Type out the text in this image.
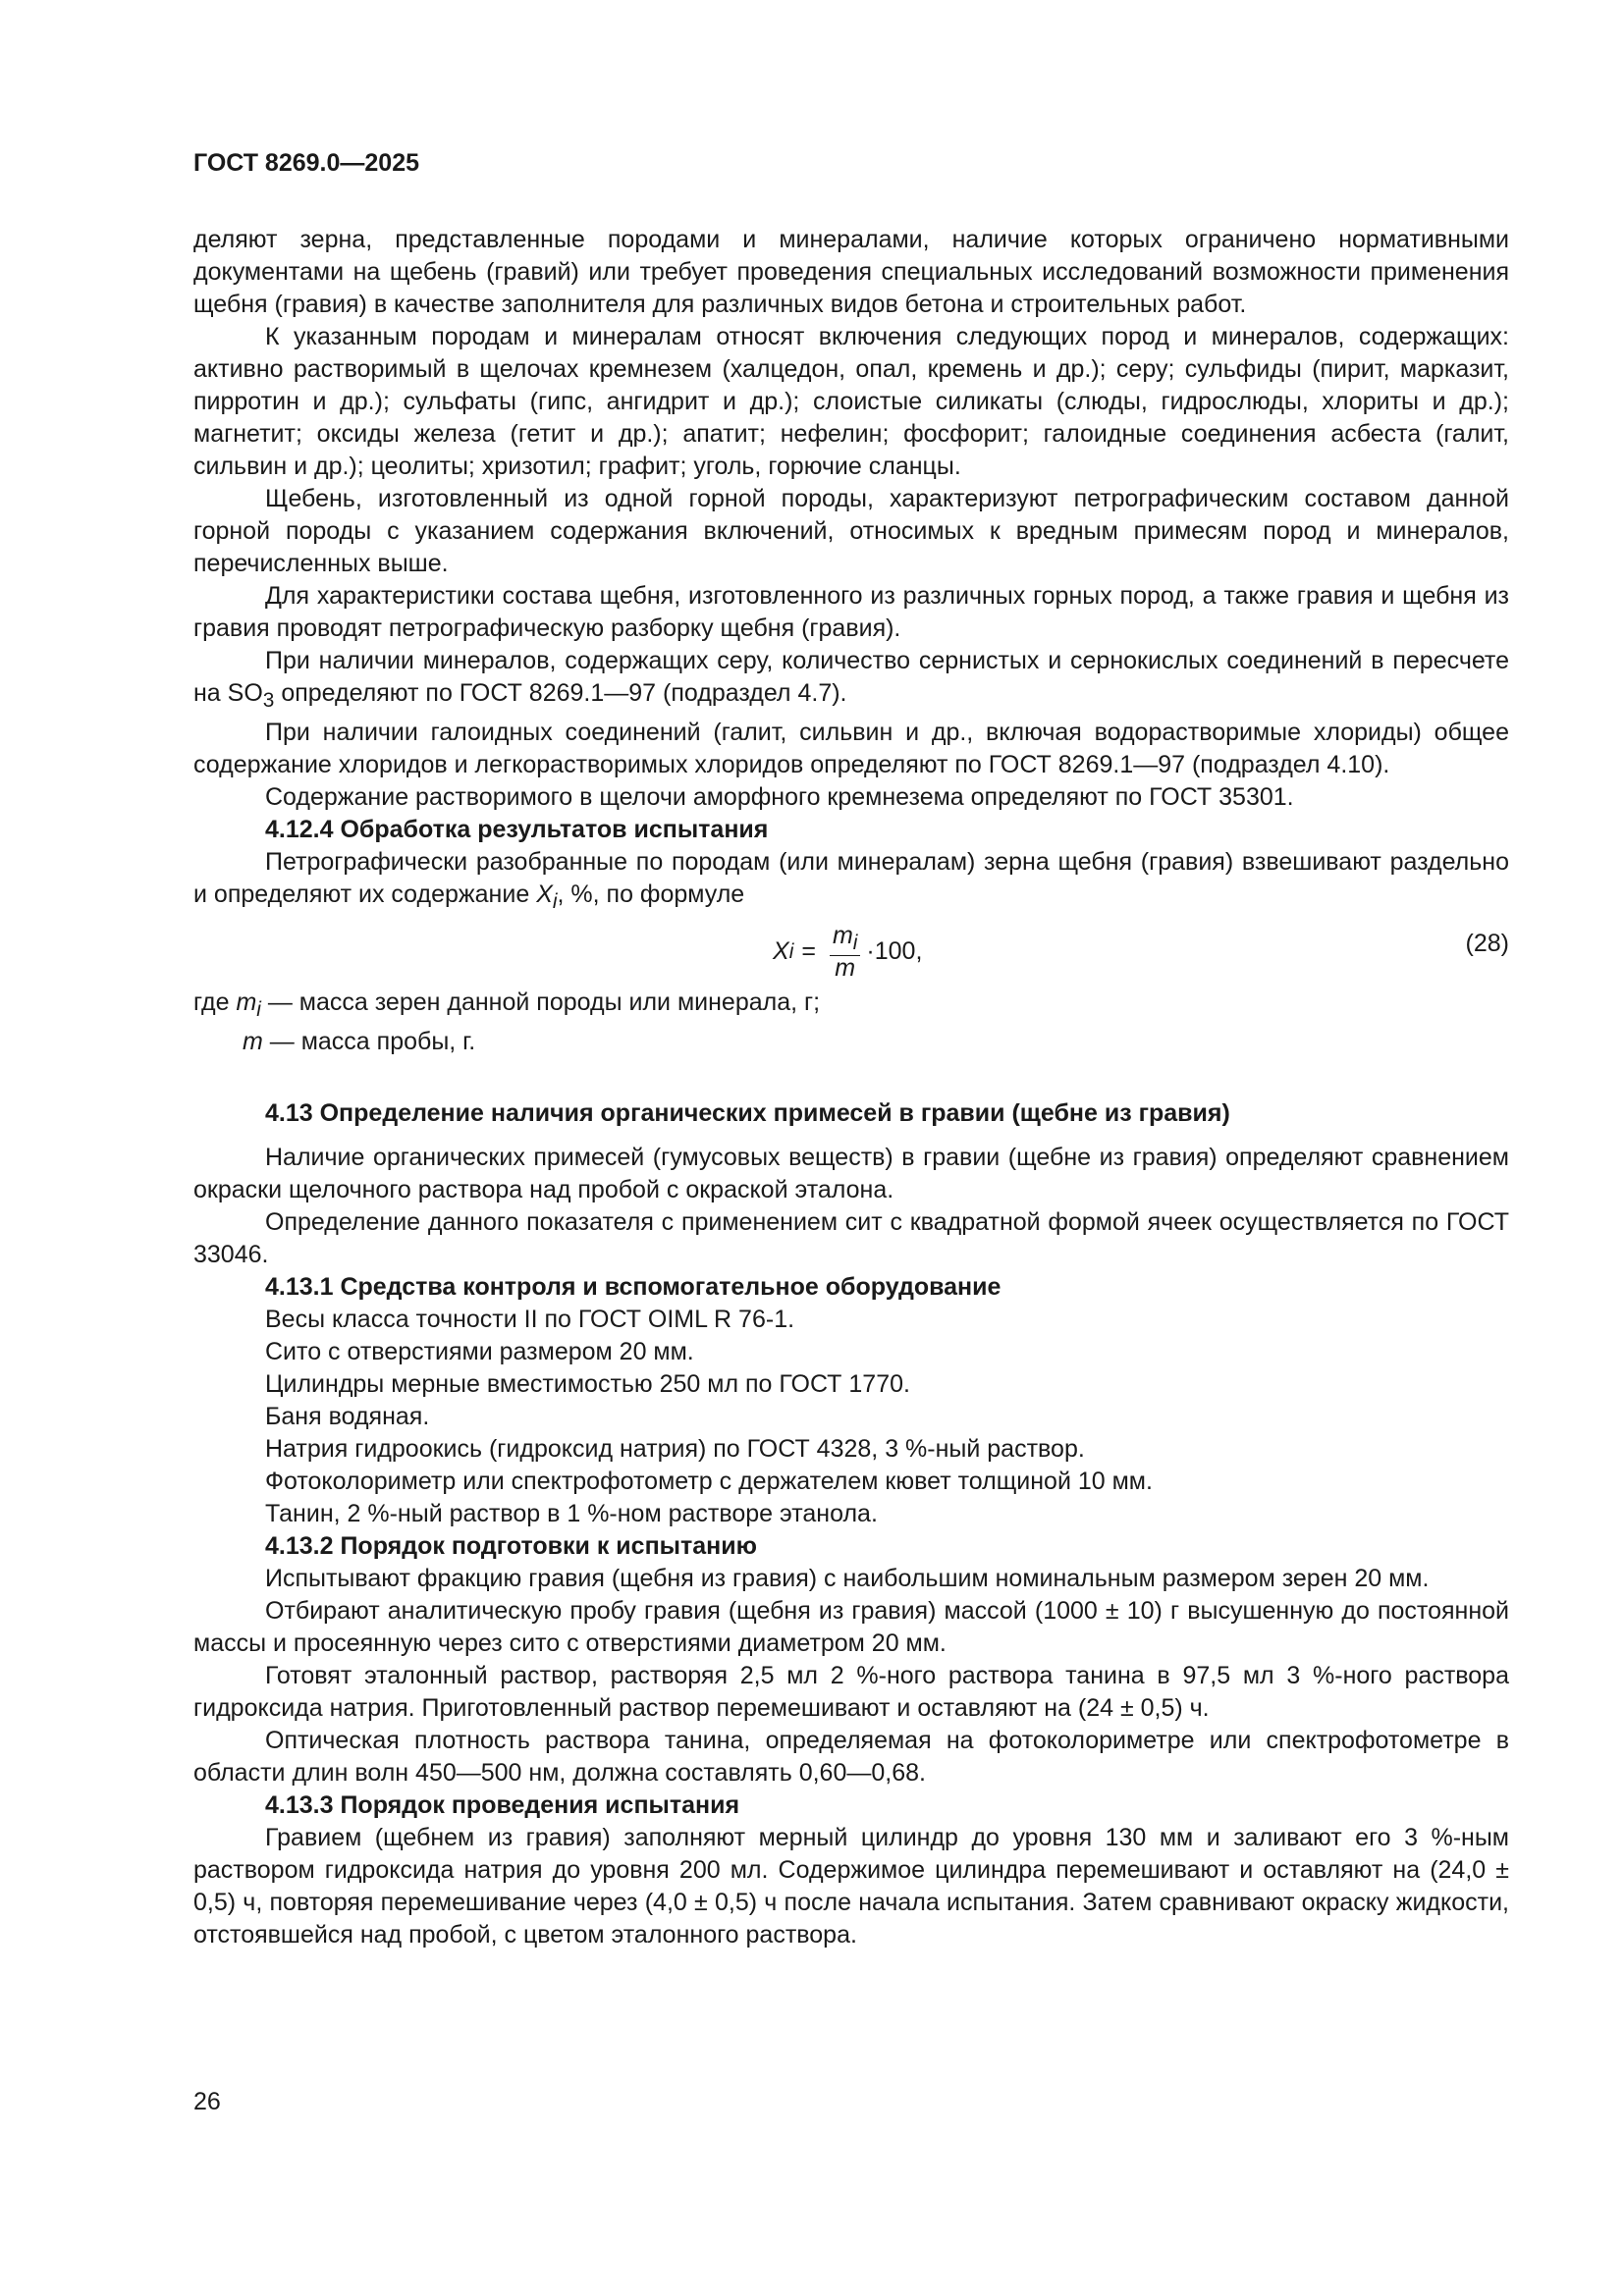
ГОСТ 8269.0—2025

деляют зерна, представленные породами и минералами, наличие которых ограничено нормативными документами на щебень (гравий) или требует проведения специальных исследований возможности применения щебня (гравия) в качестве заполнителя для различных видов бетона и строительных работ.

К указанным породам и минералам относят включения следующих пород и минералов, содержащих: активно растворимый в щелочах кремнезем (халцедон, опал, кремень и др.); серу; сульфиды (пирит, марказит, пирротин и др.); сульфаты (гипс, ангидрит и др.); слоистые силикаты (слюды, гидрослюды, хлориты и др.); магнетит; оксиды железа (гетит и др.); апатит; нефелин; фосфорит; галоидные соединения асбеста (галит, сильвин и др.); цеолиты; хризотил; графит; уголь, горючие сланцы.

Щебень, изготовленный из одной горной породы, характеризуют петрографическим составом данной горной породы с указанием содержания включений, относимых к вредным примесям пород и минералов, перечисленных выше.

Для характеристики состава щебня, изготовленного из различных горных пород, а также гравия и щебня из гравия проводят петрографическую разборку щебня (гравия).

При наличии минералов, содержащих серу, количество сернистых и сернокислых соединений в пересчете на $SO_3$ определяют по ГОСТ 8269.1—97 (подраздел 4.7).

При наличии галоидных соединений (галит, сильвин и др., включая водорастворимые хлориды) общее содержание хлоридов и легкорастворимых хлоридов определяют по ГОСТ 8269.1—97 (подраздел 4.10).

Содержание растворимого в щелочи аморфного кремнезема определяют по ГОСТ 35301.

4.12.4 Обработка результатов испытания

Петрографически разобранные по породам (или минералам) зерна щебня (гравия) взвешивают раздельно и определяют их содержание $X_i$, %, по формуле

X $i = \frac{m_i}{m} \cdot 100$,	(28)

где $m_i$ — масса зерен данной породы или минерала, г;

m — масса пробы, г.

4.13 Определение наличия органических примесей в гравии (щебне из гравия)

Наличие органических примесей (гумусовых веществ) в гравии (щебне из гравия) определяют сравнением окраски щелочного раствора над пробой с окраской эталона.

Определение данного показателя с применением сит с квадратной формой ячеек осуществляется по ГОСТ 33046.

4.13.1 Средства контроля и вспомогательное оборудование

Весы класса точности II по ГОСТ OIML R 76-1.

Сито с отверстиями размером 20 мм.

Цилиндры мерные вместимостью 250 мл по ГОСТ 1770.

Баня водяная.

Натрия гидроокись (гидроксид натрия) по ГОСТ 4328, 3 %-ный раствор.

Фотоколориметр или спектрофотометр с держателем кювет толщиной 10 мм.

Танин, 2 %-ный раствор в 1 %-ном растворе этанола.

4.13.2 Порядок подготовки к испытанию

Испытывают фракцию гравия (щебня из гравия) с наибольшим номинальным размером зерен 20 мм.

Отбирают аналитическую пробу гравия (щебня из гравия) массой (1000 ± 10) г высушенную до постоянной массы и просеянную через сито с отверстиями диаметром 20 мм.

Готовят эталонный раствор, растворяя 2,5 мл 2 %-ного раствора танина в 97,5 мл 3 %-ного раствора гидроксида натрия. Приготовленный раствор перемешивают и оставляют на (24 ± 0,5) ч.

Оптическая плотность раствора танина, определяемая на фотоколориметре или спектрофотометре в области длин волн 450—500 нм, должна составлять 0,60—0,68.

4.13.3 Порядок проведения испытания

Гравием (щебнем из гравия) заполняют мерный цилиндр до уровня 130 мм и заливают его 3 %-ным раствором гидроксида натрия до уровня 200 мл. Содержимое цилиндра перемешивают и оставляют на (24,0 ± 0,5) ч, повторяя перемешивание через (4,0 ± 0,5) ч после начала испытания. Затем сравнивают окраску жидкости, отстоявшейся над пробой, с цветом эталонного раствора.

26
